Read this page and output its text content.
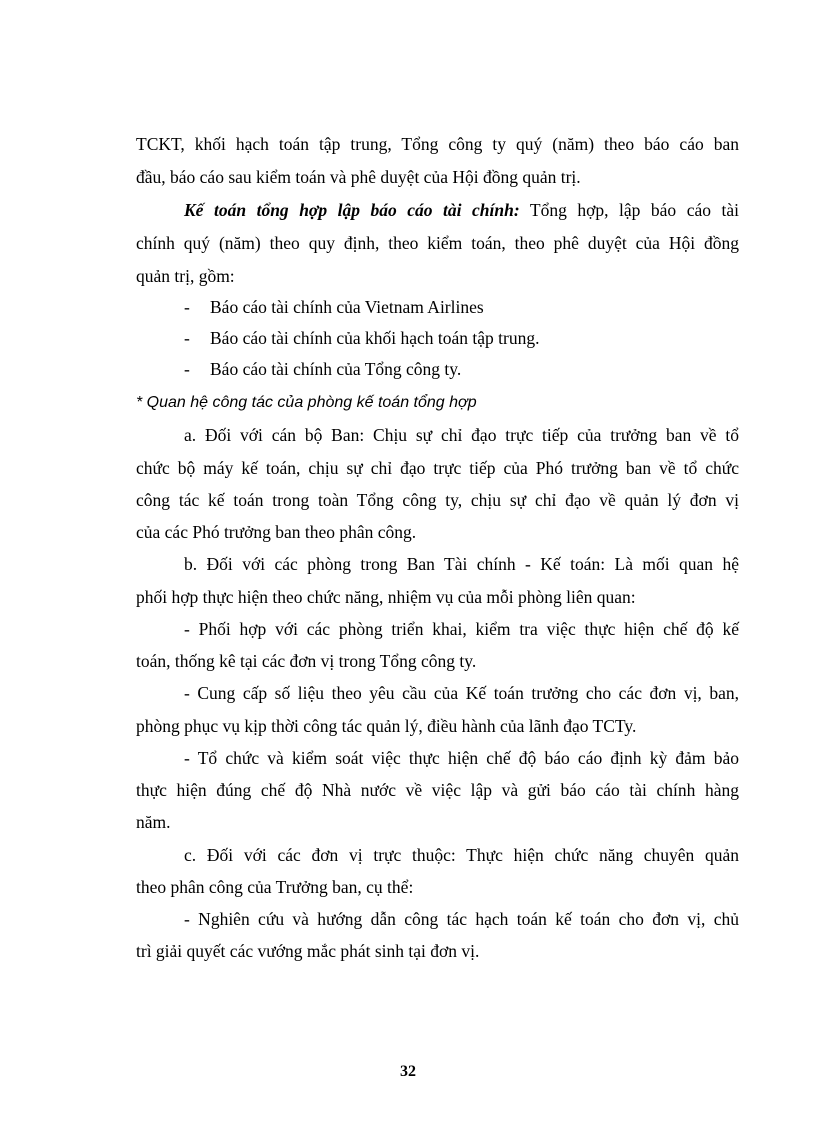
TCKT, khối hạch toán tập trung, Tổng công ty quý (năm) theo báo cáo ban
đầu, báo cáo sau kiểm toán và phê duyệt của Hội đồng quản trị.
Kế toán tổng hợp lập báo cáo tài chính: Tổng hợp, lập báo cáo tài
chính quý (năm) theo quy định, theo kiểm toán, theo phê duyệt của Hội đồng
quản trị, gồm:
- Báo cáo tài chính của Vietnam Airlines
- Báo cáo tài chính của khối hạch toán tập trung.
- Báo cáo tài chính của Tổng công ty.
* Quan hệ công tác của phòng kế toán tổng hợp
a. Đối với cán bộ Ban: Chịu sự chỉ đạo trực tiếp của trưởng ban về tổ
chức bộ máy kế toán, chịu sự chỉ đạo trực tiếp của Phó trưởng ban về tổ chức
công tác kế toán trong toàn Tổng công ty, chịu sự chỉ đạo về quản lý đơn vị
của các Phó trưởng ban theo phân công.
b. Đối với các phòng trong Ban Tài chính - Kế toán: Là mối quan hệ
phối hợp thực hiện theo chức năng, nhiệm vụ của mỗi phòng liên quan:
- Phối hợp với các phòng triển khai, kiểm tra việc thực hiện chế độ kế
toán, thống kê tại các đơn vị trong Tổng công ty.
- Cung cấp số liệu theo yêu cầu của Kế toán trưởng cho các đơn vị, ban,
phòng phục vụ kịp thời công tác quản lý, điều hành của lãnh đạo TCTy.
- Tổ chức và kiểm soát việc thực hiện chế độ báo cáo định kỳ đảm bảo
thực hiện đúng chế độ Nhà nước về việc lập và gửi báo cáo tài chính hàng
năm.
c. Đối với các đơn vị trực thuộc: Thực hiện chức năng chuyên quản
theo phân công của Trưởng ban, cụ thể:
- Nghiên cứu và hướng dẫn công tác hạch toán kế toán cho đơn vị, chủ
trì giải quyết các vướng mắc phát sinh tại đơn vị.
32
